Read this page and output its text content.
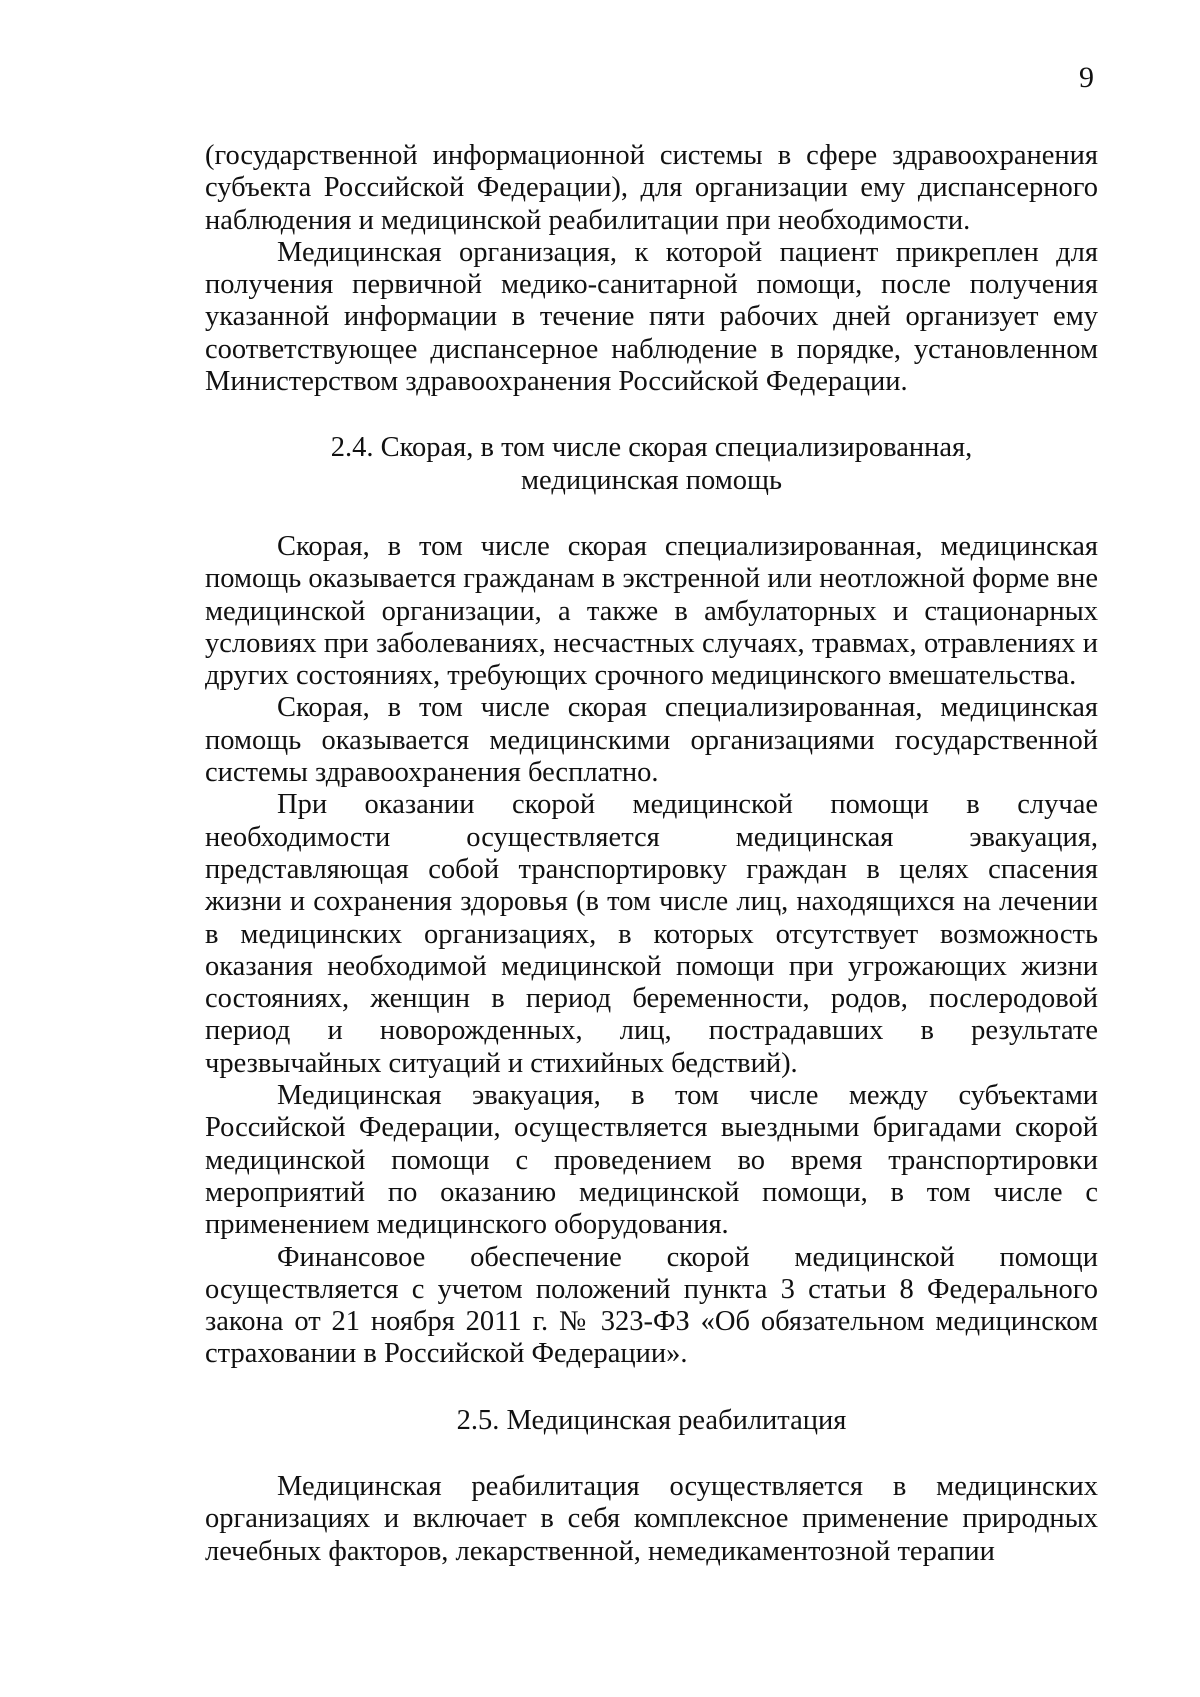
9

(государственной информационной системы в сфере здравоохранения субъекта Российской Федерации), для организации ему диспансерного наблюдения и медицинской реабилитации при необходимости.

Медицинская организация, к которой пациент прикреплен для получения первичной медико-санитарной помощи, после получения указанной информации в течение пяти рабочих дней организует ему соответствующее диспансерное наблюдение в порядке, установленном Министерством здравоохранения Российской Федерации.

2.4. Скорая, в том числе скорая специализированная,
медицинская помощь

Скорая, в том числе скорая специализированная, медицинская помощь оказывается гражданам в экстренной или неотложной форме вне медицинской организации, а также в амбулаторных и стационарных условиях при заболеваниях, несчастных случаях, травмах, отравлениях и других состояниях, требующих срочного медицинского вмешательства.

Скорая, в том числе скорая специализированная, медицинская помощь оказывается медицинскими организациями государственной системы здравоохранения бесплатно.

При оказании скорой медицинской помощи в случае необходимости осуществляется медицинская эвакуация, представляющая собой транспортировку граждан в целях спасения жизни и сохранения здоровья (в том числе лиц, находящихся на лечении в медицинских организациях, в которых отсутствует возможность оказания необходимой медицинской помощи при угрожающих жизни состояниях, женщин в период беременности, родов, послеродовой период и новорожденных, лиц, пострадавших в результате чрезвычайных ситуаций и стихийных бедствий).

Медицинская эвакуация, в том числе между субъектами Российской Федерации, осуществляется выездными бригадами скорой медицинской помощи с проведением во время транспортировки мероприятий по оказанию медицинской помощи, в том числе с применением медицинского оборудования.

Финансовое обеспечение скорой медицинской помощи осуществляется с учетом положений пункта 3 статьи 8 Федерального закона от 21 ноября 2011 г. № 323-ФЗ «Об обязательном медицинском страховании в Российской Федерации».

2.5. Медицинская реабилитация

Медицинская реабилитация осуществляется в медицинских организациях и включает в себя комплексное применение природных лечебных факторов, лекарственной, немедикаментозной терапии
